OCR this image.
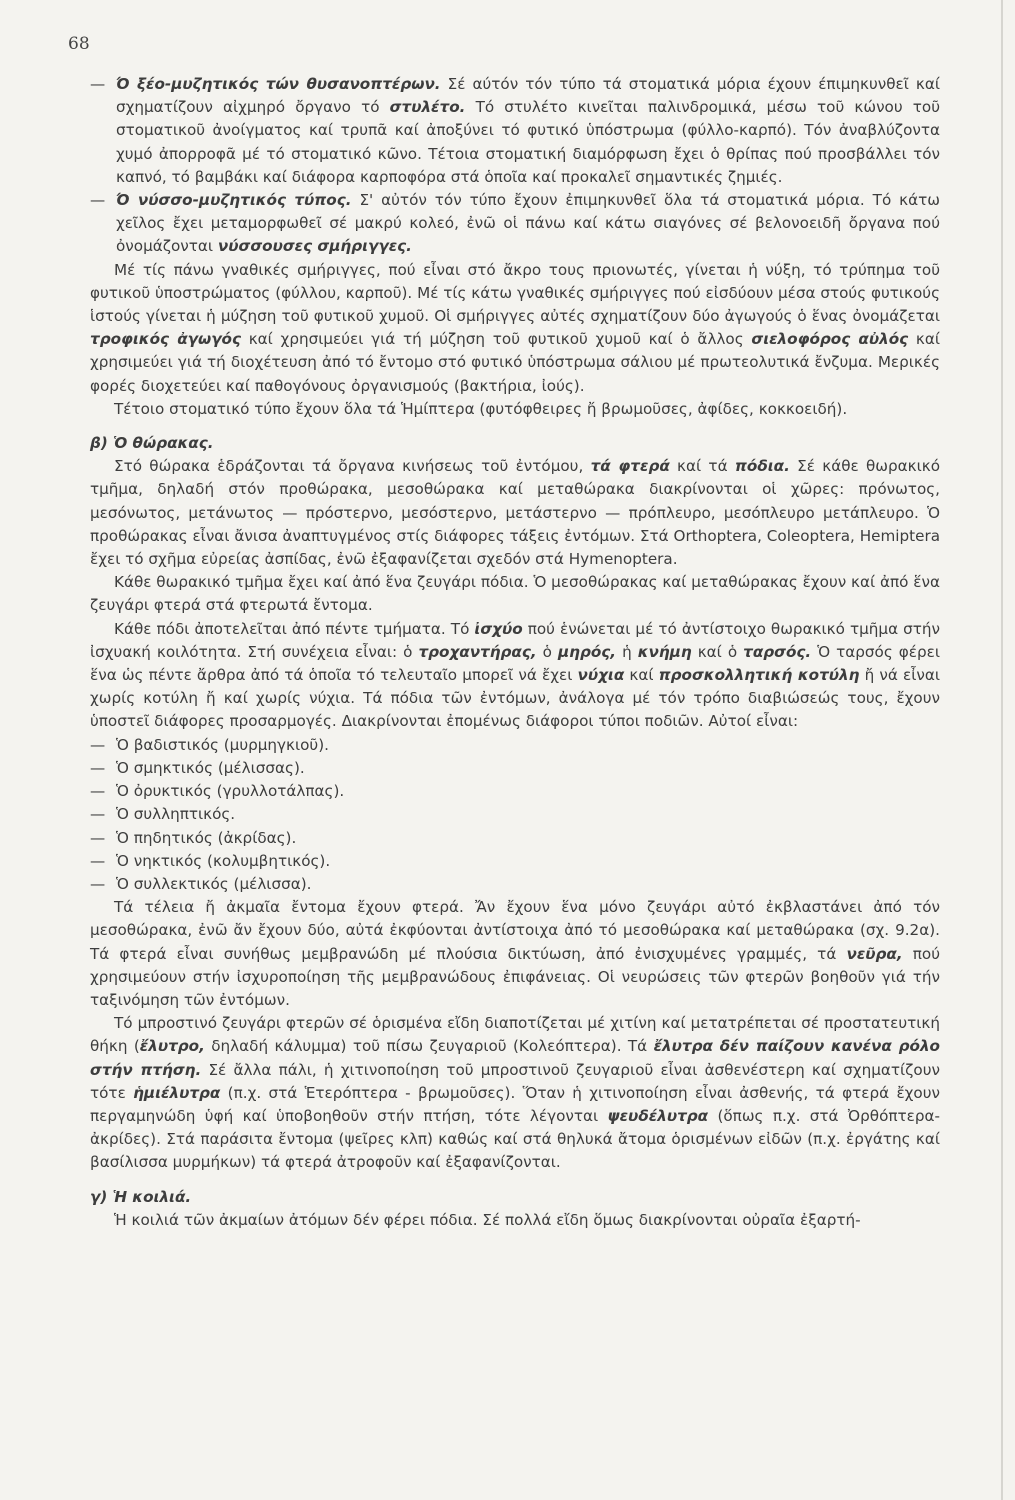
68

— Ό ξέο-μυζητικός τών θυσανοπτέρων. Σέ αύτόν τόν τύπο τά στοματικά μόρια έχουν έπιμηκυνθεῖ καί σχηματίζουν αἰχμηρό ὄργανο τό στυλέτο. Τό στυλέτο κινεῖται παλινδρομικά, μέσω τοῦ κώνου τοῦ στοματικοῦ ἀνοίγματος καί τρυπᾶ καί ἀποξύνει τό φυτικό ὑπόστρωμα (φύλλο-καρπό). Τόν ἀναβλύζοντα χυμό ἀπορροφᾶ μέ τό στοματικό κῶνο. Τέτοια στοματική διαμόρφωση ἔχει ὁ θρίπας πού προσβάλλει τόν καπνό, τό βαμβάκι καί διάφορα καρποφόρα στά ὁποῖα καί προκαλεῖ σημαντικές ζημιές.

— Ό νύσσο-μυζητικός τύπος. Σ' αὐτόν τόν τύπο ἔχουν ἐπιμηκυνθεῖ ὅλα τά στοματικά μόρια. Τό κάτω χεῖλος ἔχει μεταμορφωθεῖ σέ μακρύ κολεό, ἐνῶ οἱ πάνω καί κάτω σιαγόνες σέ βελονοειδῆ ὄργανα πού ὀνομάζονται νύσσουσες σμήριγγες.

Μέ τίς πάνω γναθικές σμήριγγες, πού εἶναι στό ἄκρο τους πριονωτές, γίνεται ἡ νύξη, τό τρύπημα τοῦ φυτικοῦ ὑποστρώματος (φύλλου, καρποῦ). Μέ τίς κάτω γναθικές σμήριγγες πού εἰσδύουν μέσα στούς φυτικούς ἱστούς γίνεται ἡ μύζηση τοῦ φυτικοῦ χυμοῦ. Οἱ σμήριγγες αὐτές σχηματίζουν δύο ἀγωγούς ὁ ἕνας ὀνομάζεται τροφικός ἀγωγός καί χρησιμεύει γιά τή μύζηση τοῦ φυτικοῦ χυμοῦ καί ὁ ἄλλος σιελοφόρος αὐλός καί χρησιμεύει γιά τή διοχέτευση ἀπό τό ἔντομο στό φυτικό ὑπόστρωμα σάλιου μέ πρωτεολυτικά ἔνζυμα. Μερικές φορές διοχετεύει καί παθογόνους ὀργανισμούς (βακτήρια, ἰούς).

Τέτοιο στοματικό τύπο ἔχουν ὅλα τά Ἡμίπτερα (φυτόφθειρες ἤ βρωμοῦσες, ἀφίδες, κοκκοειδή).

β) Ὁ θώρακας.

Στό θώρακα ἑδράζονται τά ὄργανα κινήσεως τοῦ ἐντόμου, τά φτερά καί τά πόδια. Σέ κάθε θωρακικό τμῆμα, δηλαδή στόν προθώρακα, μεσοθώρακα καί μεταθώρακα διακρίνονται οἱ χῶρες: πρόνωτος, μεσόνωτος, μετάνωτος — πρόστερνο, μεσόστερνο, μετάστερνο — πρόπλευρο, μεσόπλευρο μετάπλευρο. Ὁ προθώρακας εἶναι ἄνισα ἀναπτυγμένος στίς διάφορες τάξεις ἐντόμων. Στά Orthoptera, Coleoptera, Hemiptera ἔχει τό σχῆμα εὐρείας ἀσπίδας, ἐνῶ ἐξαφανίζεται σχεδόν στά Hymenoptera.

Κάθε θωρακικό τμῆμα ἔχει καί ἀπό ἕνα ζευγάρι πόδια. Ὁ μεσοθώρακας καί μεταθώρακας ἔχουν καί ἀπό ἕνα ζευγάρι φτερά στά φτερωτά ἔντομα.

Κάθε πόδι ἀποτελεῖται ἀπό πέντε τμήματα. Τό ἰσχύο πού ἑνώνεται μέ τό ἀντίστοιχο θωρακικό τμῆμα στήν ἰσχυακή κοιλότητα. Στή συνέχεια εἶναι: ὁ τροχαντήρας, ὁ μηρός, ἡ κνήμη καί ὁ ταρσός. Ὁ ταρσός φέρει ἕνα ὡς πέντε ἄρθρα ἀπό τά ὁποῖα τό τελευταῖο μπορεῖ νά ἔχει νύχια καί προσκολλητική κοτύλη ἤ νά εἶναι χωρίς κοτύλη ἤ καί χωρίς νύχια. Τά πόδια τῶν ἐντόμων, ἀνάλογα μέ τόν τρόπο διαβιώσεώς τους, ἔχουν ὑποστεῖ διάφορες προσαρμογές. Διακρίνονται ἐπομένως διάφοροι τύποι ποδιῶν. Αὐτοί εἶναι:

— Ὁ βαδιστικός (μυρμηγκιοῦ).

— Ὁ σμηκτικός (μέλισσας).

— Ὁ ὀρυκτικός (γρυλλοτάλπας).

— Ὁ συλληπτικός.

— Ὁ πηδητικός (ἀκρίδας).

— Ὁ νηκτικός (κολυμβητικός).

— Ὁ συλλεκτικός (μέλισσα).

Τά τέλεια ἤ ἀκμαῖα ἔντομα ἔχουν φτερά. Ἄν ἔχουν ἕνα μόνο ζευγάρι αὐτό ἐκβλαστάνει ἀπό τόν μεσοθώρακα, ἐνῶ ἄν ἔχουν δύο, αὐτά ἐκφύονται ἀντίστοιχα ἀπό τό μεσοθώρακα καί μεταθώρακα (σχ. 9.2α). Τά φτερά εἶναι συνήθως μεμβρανώδη μέ πλούσια δικτύωση, ἀπό ἐνισχυμένες γραμμές, τά νεῦρα, πού χρησιμεύουν στήν ἰσχυροποίηση τῆς μεμβρανώδους ἐπιφάνειας. Οἱ νευρώσεις τῶν φτερῶν βοηθοῦν γιά τήν ταξινόμηση τῶν ἐντόμων.

Τό μπροστινό ζευγάρι φτερῶν σέ ὁρισμένα εἴδη διαποτίζεται μέ χιτίνη καί μετατρέπεται σέ προστατευτική θήκη (ἔλυτρο, δηλαδή κάλυμμα) τοῦ πίσω ζευγαριοῦ (Κολεόπτερα). Τά ἔλυτρα δέν παίζουν κανένα ρόλο στήν πτήση. Σέ ἄλλα πάλι, ἡ χιτινοποίηση τοῦ μπροστινοῦ ζευγαριοῦ εἶναι ἀσθενέστερη καί σχηματίζουν τότε ἡμιέλυτρα (π.χ. στά Ἑτερόπτερα - βρωμοῦσες). Ὅταν ἡ χιτινοποίηση εἶναι ἀσθενής, τά φτερά ἔχουν περγαμηνώδη ὑφή καί ὑποβοηθοῦν στήν πτήση, τότε λέγονται ψευδέλυτρα (ὅπως π.χ. στά Ὀρθόπτερα-ἀκρίδες). Στά παράσιτα ἔντομα (ψεῖρες κλπ) καθώς καί στά θηλυκά ἄτομα ὁρισμένων εἰδῶν (π.χ. ἐργάτης καί βασίλισσα μυρμήκων) τά φτερά ἀτροφοῦν καί ἐξαφανίζονται.

γ) Ἡ κοιλιά.

Ἡ κοιλιά τῶν ἀκμαίων ἀτόμων δέν φέρει πόδια. Σέ πολλά εἴδη ὅμως διακρίνονται οὐραῖα ἐξαρτή-
